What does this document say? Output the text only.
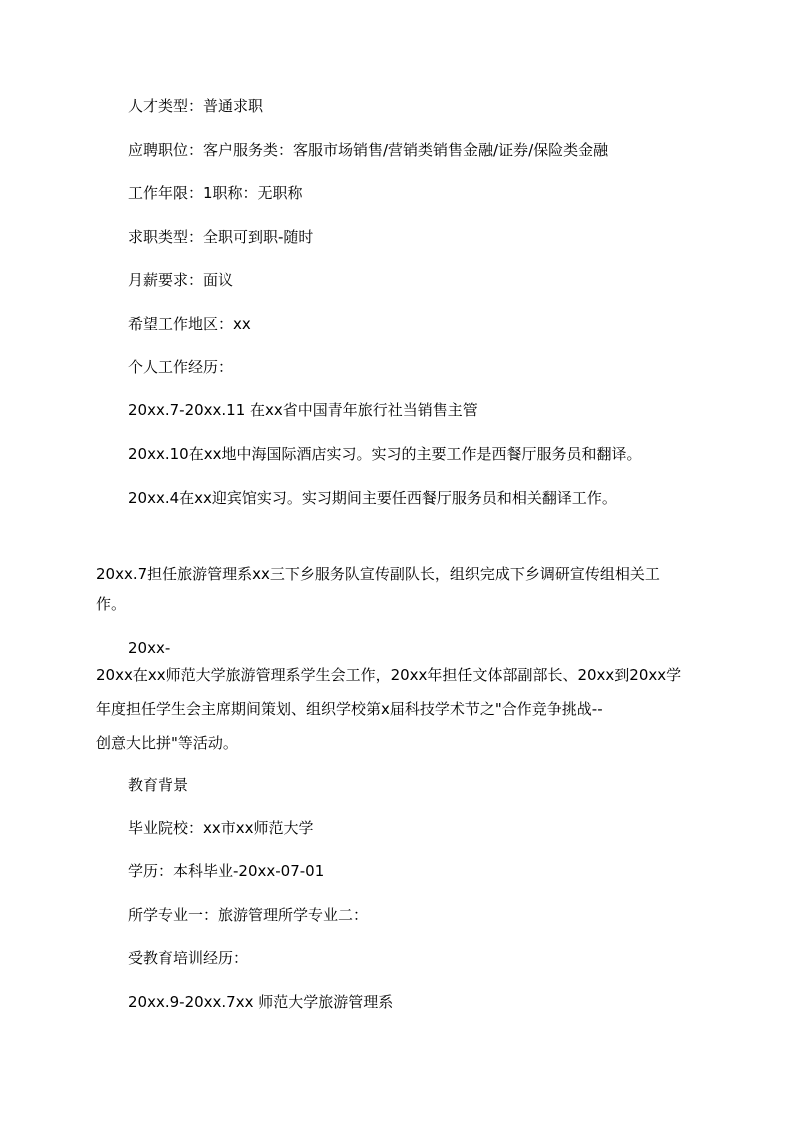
人才类型：普通求职
应聘职位：客户服务类：客服市场销售/营销类销售金融/证券/保险类金融
工作年限：1职称：无职称
求职类型：全职可到职-随时
月薪要求：面议
希望工作地区：xx
个人工作经历：
20xx.7-20xx.11 在xx省中国青年旅行社当销售主管
20xx.10在xx地中海国际酒店实习。实习的主要工作是西餐厅服务员和翻译。
20xx.4在xx迎宾馆实习。实习期间主要任西餐厅服务员和相关翻译工作。
20xx.7担任旅游管理系xx三下乡服务队宣传副队长，组织完成下乡调研宣传组相关工
作。
20xx-
20xx在xx师范大学旅游管理系学生会工作，20xx年担任文体部副部长、20xx到20xx学
年度担任学生会主席期间策划、组织学校第x届科技学术节之"合作竞争挑战--
创意大比拼"等活动。
教育背景
毕业院校：xx市xx师范大学
学历：本科毕业-20xx-07-01
所学专业一：旅游管理所学专业二：
受教育培训经历：
20xx.9-20xx.7xx 师范大学旅游管理系
